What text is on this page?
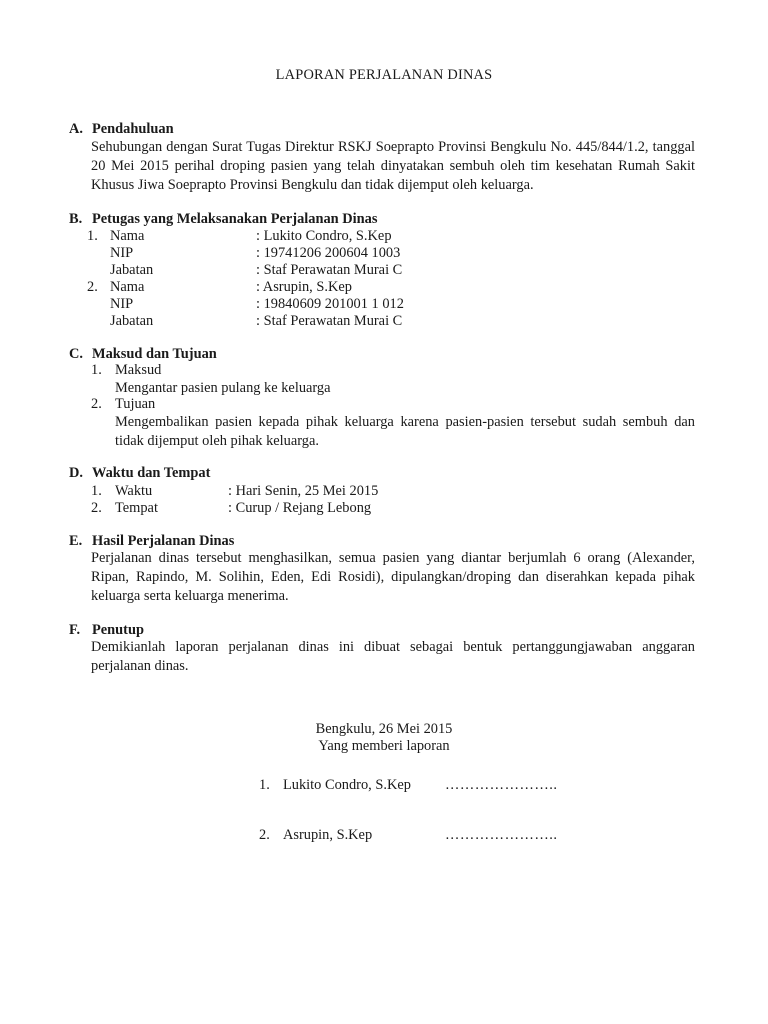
LAPORAN PERJALANAN DINAS
A. Pendahuluan
Sehubungan dengan Surat Tugas Direktur RSKJ Soeprapto Provinsi Bengkulu No. 445/844/1.2, tanggal 20 Mei 2015 perihal droping pasien yang telah dinyatakan sembuh oleh tim kesehatan Rumah Sakit Khusus Jiwa Soeprapto Provinsi Bengkulu dan tidak dijemput oleh keluarga.
B. Petugas yang Melaksanakan Perjalanan Dinas
1. Nama	: Lukito Condro, S.Kep
NIP	: 19741206 200604 1003
Jabatan	: Staf Perawatan Murai C
2. Nama	: Asrupin, S.Kep
NIP	: 19840609 201001 1 012
Jabatan	: Staf Perawatan Murai C
C. Maksud dan Tujuan
1. Maksud
Mengantar pasien pulang ke keluarga
2. Tujuan
Mengembalikan pasien kepada pihak keluarga karena pasien-pasien tersebut sudah sembuh dan tidak dijemput oleh pihak keluarga.
D. Waktu dan Tempat
1. Waktu	: Hari Senin, 25 Mei 2015
2. Tempat	: Curup / Rejang Lebong
E. Hasil Perjalanan Dinas
Perjalanan dinas tersebut menghasilkan, semua pasien yang diantar berjumlah 6 orang (Alexander, Ripan, Rapindo, M. Solihin, Eden, Edi Rosidi), dipulangkan/droping dan diserahkan kepada pihak keluarga serta keluarga menerima.
F. Penutup
Demikianlah laporan perjalanan dinas ini dibuat sebagai bentuk pertanggungjawaban anggaran perjalanan dinas.
Bengkulu, 26 Mei 2015
Yang memberi laporan
1. Lukito Condro, S.Kep …………………..
2. Asrupin, S.Kep	…………………..
